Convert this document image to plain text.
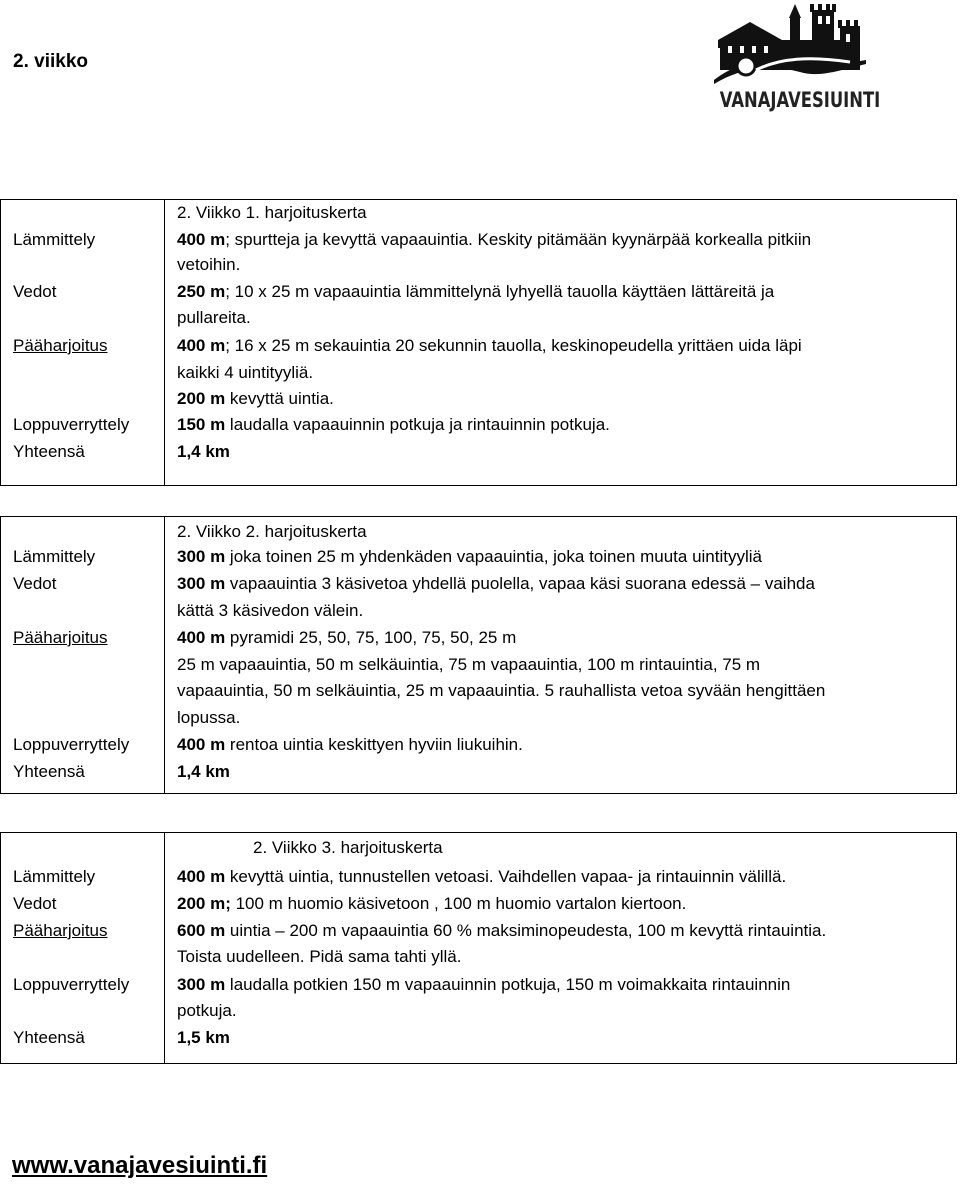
2. viikko
VANAJAVESIUINTI
2. Viikko 1. harjoituskerta
Lämmittely
Vedot
Pääharjoitus
Loppuverryttely
Yhteensä
400 m; spurtteja ja kevyttä vapaauintia. Keskity pitämään kyynärpää korkealla pitkiin
vetoihin.
250 m; 10 x 25 m vapaauintia lämmittelynä lyhyellä tauolla käyttäen lättäreitä ja
pullareita.
400 m; 16 x 25 m sekauintia 20 sekunnin tauolla, keskinopeudella yrittäen uida läpi
kaikki 4 uintityyliä.
200 m kevyttä uintia.
150 m laudalla vapaauinnin potkuja ja rintauinnin potkuja.
1,4 km
2. Viikko 2. harjoituskerta
Lämmittely
Vedot
Pääharjoitus
Loppuverryttely
Yhteensä
300 m joka toinen 25 m yhdenkäden vapaauintia, joka toinen muuta uintityyliä
300 m vapaauintia 3 käsivetoa yhdellä puolella, vapaa käsi suorana edessä – vaihda
kättä 3 käsivedon välein.
400 m pyramidi 25, 50, 75, 100, 75, 50, 25 m
25 m vapaauintia, 50 m selkäuintia, 75 m vapaauintia, 100 m rintauintia, 75 m
vapaauintia, 50 m selkäuintia, 25 m vapaauintia. 5 rauhallista vetoa syvään hengittäen
lopussa.
400 m rentoa uintia keskittyen hyviin liukuihin.
1,4 km
2. Viikko 3. harjoituskerta
Lämmittely
Vedot
Pääharjoitus
Loppuverryttely
Yhteensä
400 m kevyttä uintia, tunnustellen vetoasi. Vaihdellen vapaa- ja rintauinnin välillä.
200 m; 100 m huomio käsivetoon , 100 m huomio vartalon kiertoon.
600 m uintia – 200 m vapaauintia 60 % maksiminopeudesta, 100 m kevyttä rintauintia.
Toista uudelleen. Pidä sama tahti yllä.
300 m laudalla potkien 150 m vapaauinnin potkuja, 150 m voimakkaita rintauinnin
potkuja.
1,5 km
www.vanajavesiuinti.fi
